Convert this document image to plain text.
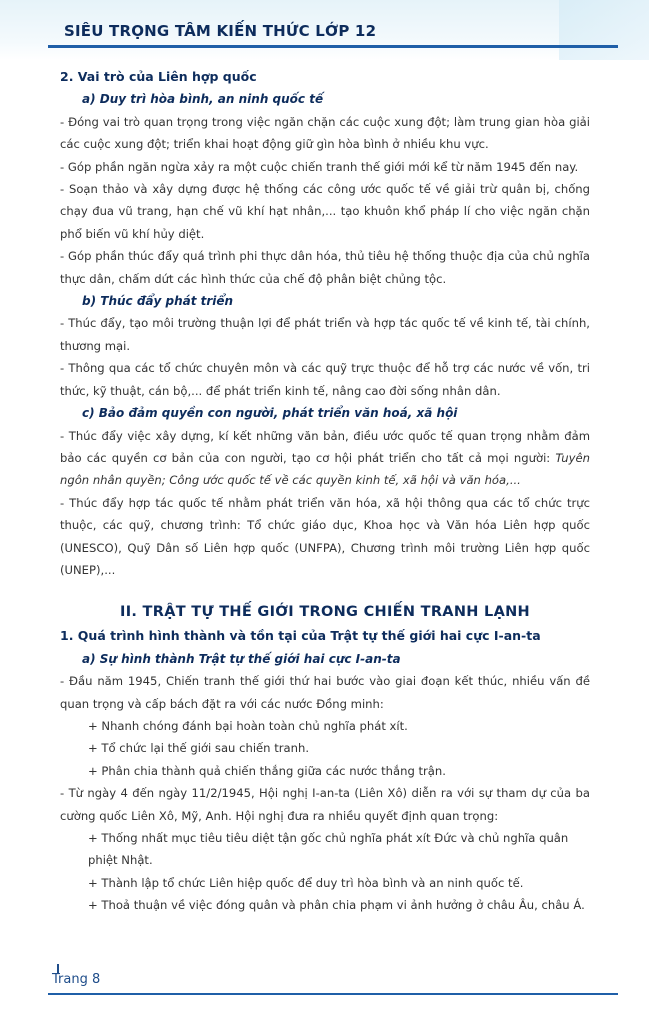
SIÊU TRỌNG TÂM KIẾN THỨC LỚP 12
2. Vai trò của Liên hợp quốc
a) Duy trì hòa bình, an ninh quốc tế
- Đóng vai trò quan trọng trong việc ngăn chặn các cuộc xung đột; làm trung gian hòa giải các cuộc xung đột; triển khai hoạt động giữ gìn hòa bình ở nhiều khu vực.
- Góp phần ngăn ngừa xảy ra một cuộc chiến tranh thế giới mới kể từ năm 1945 đến nay.
- Soạn thảo và xây dựng được hệ thống các công ước quốc tế về giải trừ quân bị, chống chạy đua vũ trang, hạn chế vũ khí hạt nhân,... tạo khuôn khổ pháp lí cho việc ngăn chặn phổ biến vũ khí hủy diệt.
- Góp phần thúc đẩy quá trình phi thực dân hóa, thủ tiêu hệ thống thuộc địa của chủ nghĩa thực dân, chấm dứt các hình thức của chế độ phân biệt chủng tộc.
b) Thúc đẩy phát triển
- Thúc đẩy, tạo môi trường thuận lợi để phát triển và hợp tác quốc tế về kinh tế, tài chính, thương mại.
- Thông qua các tổ chức chuyên môn và các quỹ trực thuộc để hỗ trợ các nước về vốn, tri thức, kỹ thuật, cán bộ,... để phát triển kinh tế, nâng cao đời sống nhân dân.
c) Bảo đảm quyền con người, phát triển văn hoá, xã hội
- Thúc đẩy việc xây dựng, kí kết những văn bản, điều ước quốc tế quan trọng nhằm đảm bảo các quyền cơ bản của con người, tạo cơ hội phát triển cho tất cả mọi người: Tuyên ngôn nhân quyền; Công ước quốc tế về các quyền kinh tế, xã hội và văn hóa,...
- Thúc đẩy hợp tác quốc tế nhằm phát triển văn hóa, xã hội thông qua các tổ chức trực thuộc, các quỹ, chương trình: Tổ chức giáo dục, Khoa học và Văn hóa Liên hợp quốc (UNESCO), Quỹ Dân số Liên hợp quốc (UNFPA), Chương trình môi trường Liên hợp quốc (UNEP),...
II. TRẬT TỰ THẾ GIỚI TRONG CHIẾN TRANH LẠNH
1. Quá trình hình thành và tồn tại của Trật tự thế giới hai cực I-an-ta
a) Sự hình thành Trật tự thế giới hai cực I-an-ta
- Đầu năm 1945, Chiến tranh thế giới thứ hai bước vào giai đoạn kết thúc, nhiều vấn đề quan trọng và cấp bách đặt ra với các nước Đồng minh:
+ Nhanh chóng đánh bại hoàn toàn chủ nghĩa phát xít.
+ Tổ chức lại thế giới sau chiến tranh.
+ Phân chia thành quả chiến thắng giữa các nước thắng trận.
- Từ ngày 4 đến ngày 11/2/1945, Hội nghị I-an-ta (Liên Xô) diễn ra với sự tham dự của ba cường quốc Liên Xô, Mỹ, Anh. Hội nghị đưa ra nhiều quyết định quan trọng:
+ Thống nhất mục tiêu tiêu diệt tận gốc chủ nghĩa phát xít Đức và chủ nghĩa quân phiệt Nhật.
+ Thành lập tổ chức Liên hiệp quốc để duy trì hòa bình và an ninh quốc tế.
+ Thoả thuận về việc đóng quân và phân chia phạm vi ảnh hưởng ở châu Âu, châu Á.
Trang 8
